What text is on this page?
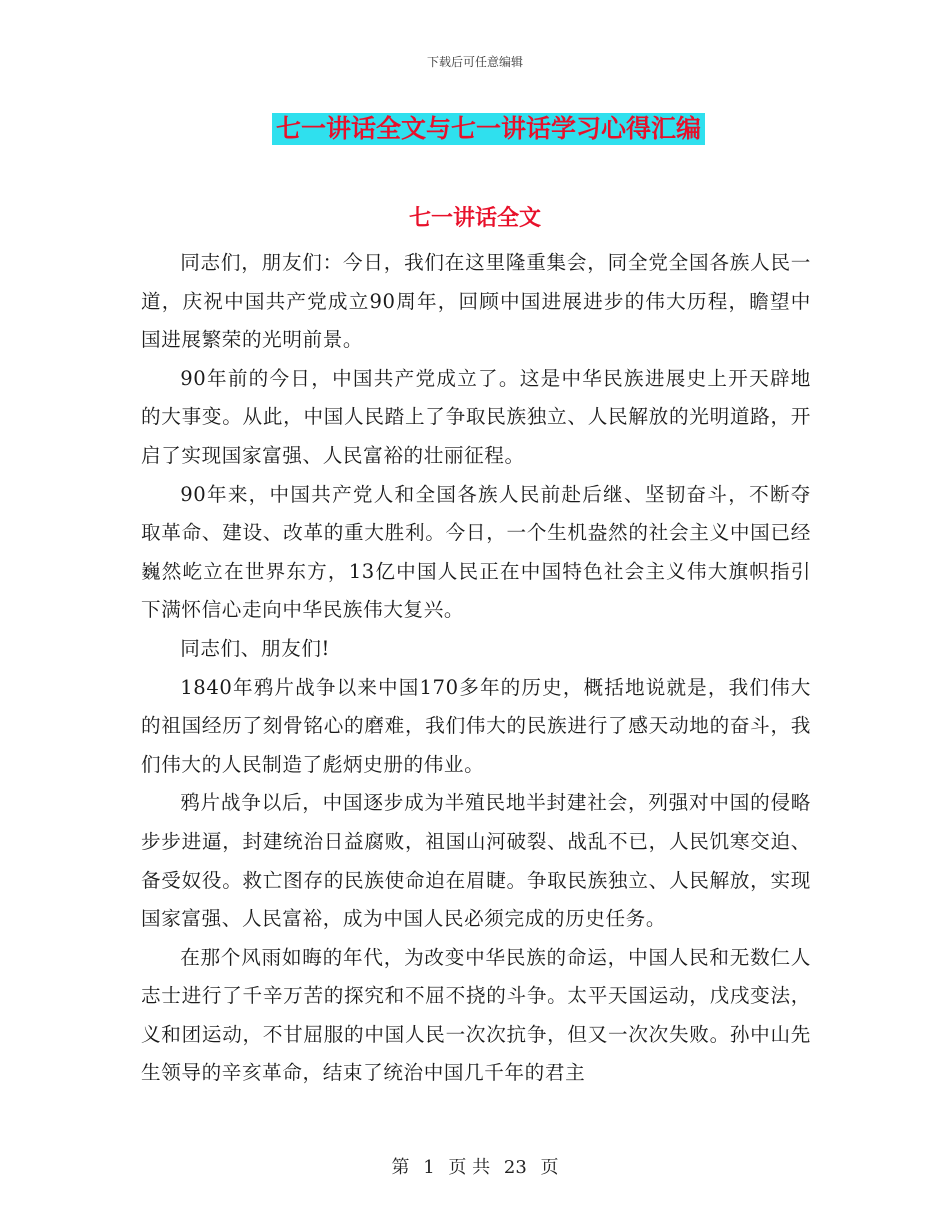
下载后可任意编辑
七一讲话全文与七一讲话学习心得汇编
七一讲话全文

同志们，朋友们：今日，我们在这里隆重集会，同全党全国各族人民一道，庆祝中国共产党成立90周年，回顾中国进展进步的伟大历程，瞻望中国进展繁荣的光明前景。

90年前的今日，中国共产党成立了。这是中华民族进展史上开天辟地的大事变。从此，中国人民踏上了争取民族独立、人民解放的光明道路，开启了实现国家富强、人民富裕的壮丽征程。

90年来，中国共产党人和全国各族人民前赴后继、坚韧奋斗，不断夺取革命、建设、改革的重大胜利。今日，一个生机盎然的社会主义中国已经巍然屹立在世界东方，13亿中国人民正在中国特色社会主义伟大旗帜指引下满怀信心走向中华民族伟大复兴。

同志们、朋友们!

1840年鸦片战争以来中国170多年的历史，概括地说就是，我们伟大的祖国经历了刻骨铭心的磨难，我们伟大的民族进行了感天动地的奋斗，我们伟大的人民制造了彪炳史册的伟业。

鸦片战争以后，中国逐步成为半殖民地半封建社会，列强对中国的侵略步步进逼，封建统治日益腐败，祖国山河破裂、战乱不已，人民饥寒交迫、备受奴役。救亡图存的民族使命迫在眉睫。争取民族独立、人民解放，实现国家富强、人民富裕，成为中国人民必须完成的历史任务。

在那个风雨如晦的年代，为改变中华民族的命运，中国人民和无数仁人志士进行了千辛万苦的探究和不屈不挠的斗争。太平天国运动，戊戌变法，义和团运动，不甘屈服的中国人民一次次抗争，但又一次次失败。孙中山先生领导的辛亥革命，结束了统治中国几千年的君主

第 1 页 共 23 页
